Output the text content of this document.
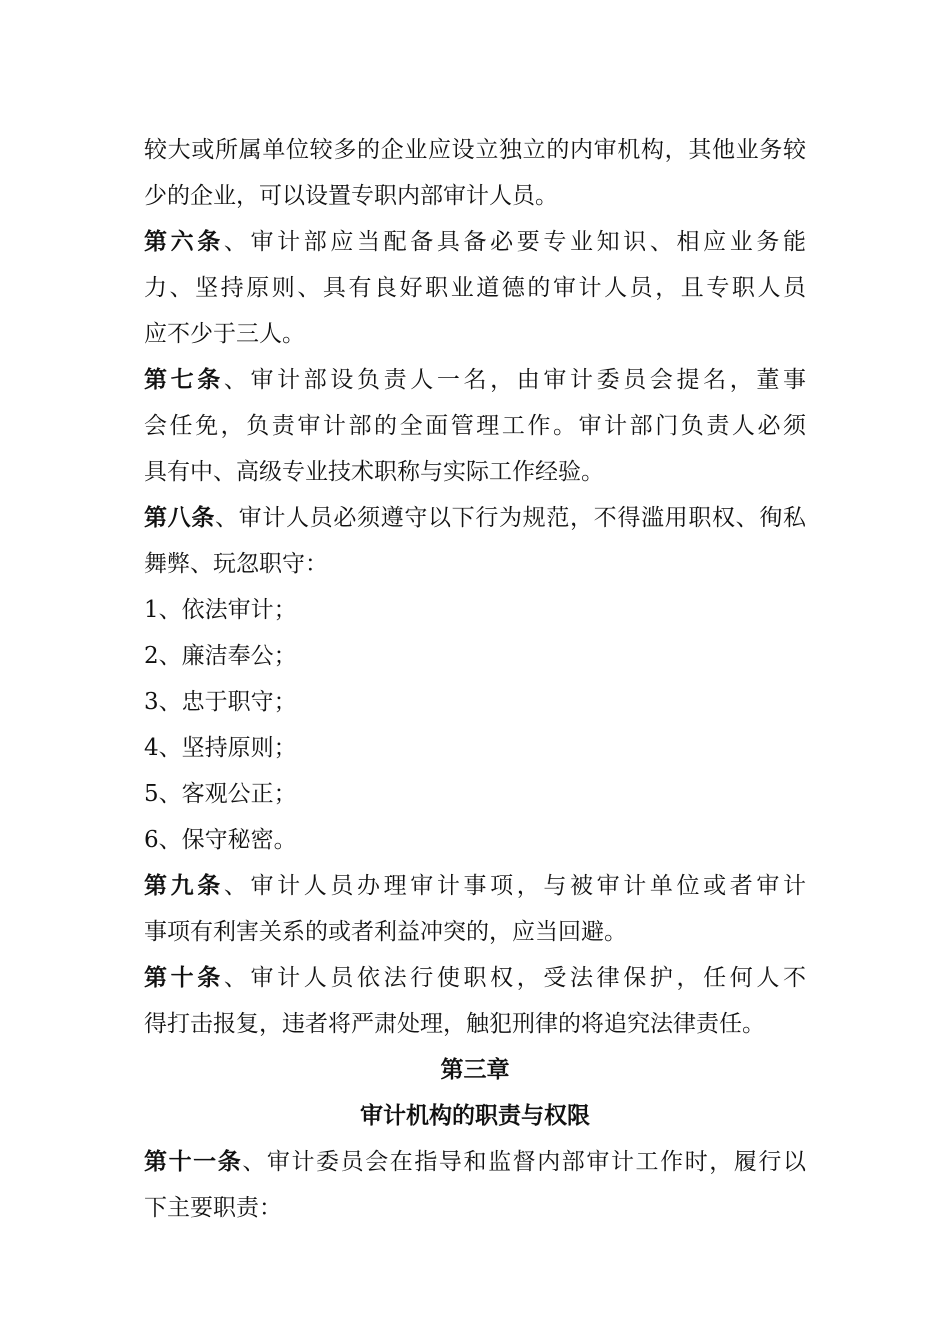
较大或所属单位较多的企业应设立独立的内审机构，其他业务较
少的企业，可以设置专职内部审计人员。
第六条、审计部应当配备具备必要专业知识、相应业务能
力、坚持原则、具有良好职业道德的审计人员，且专职人员
应不少于三人。
第七条、审计部设负责人一名，由审计委员会提名，董事
会任免，负责审计部的全面管理工作。审计部门负责人必须
具有中、高级专业技术职称与实际工作经验。
第八条、审计人员必须遵守以下行为规范，不得滥用职权、徇私
舞弊、玩忽职守：
1、依法审计；
2、廉洁奉公；
3、忠于职守；
4、坚持原则；
5、客观公正；
6、保守秘密。
第九条、审计人员办理审计事项，与被审计单位或者审计
事项有利害关系的或者利益冲突的，应当回避。
第十条、审计人员依法行使职权，受法律保护，任何人不
得打击报复，违者将严肃处理，触犯刑律的将追究法律责任。
第三章
审计机构的职责与权限
第十一条、审计委员会在指导和监督内部审计工作时，履行以
下主要职责：
